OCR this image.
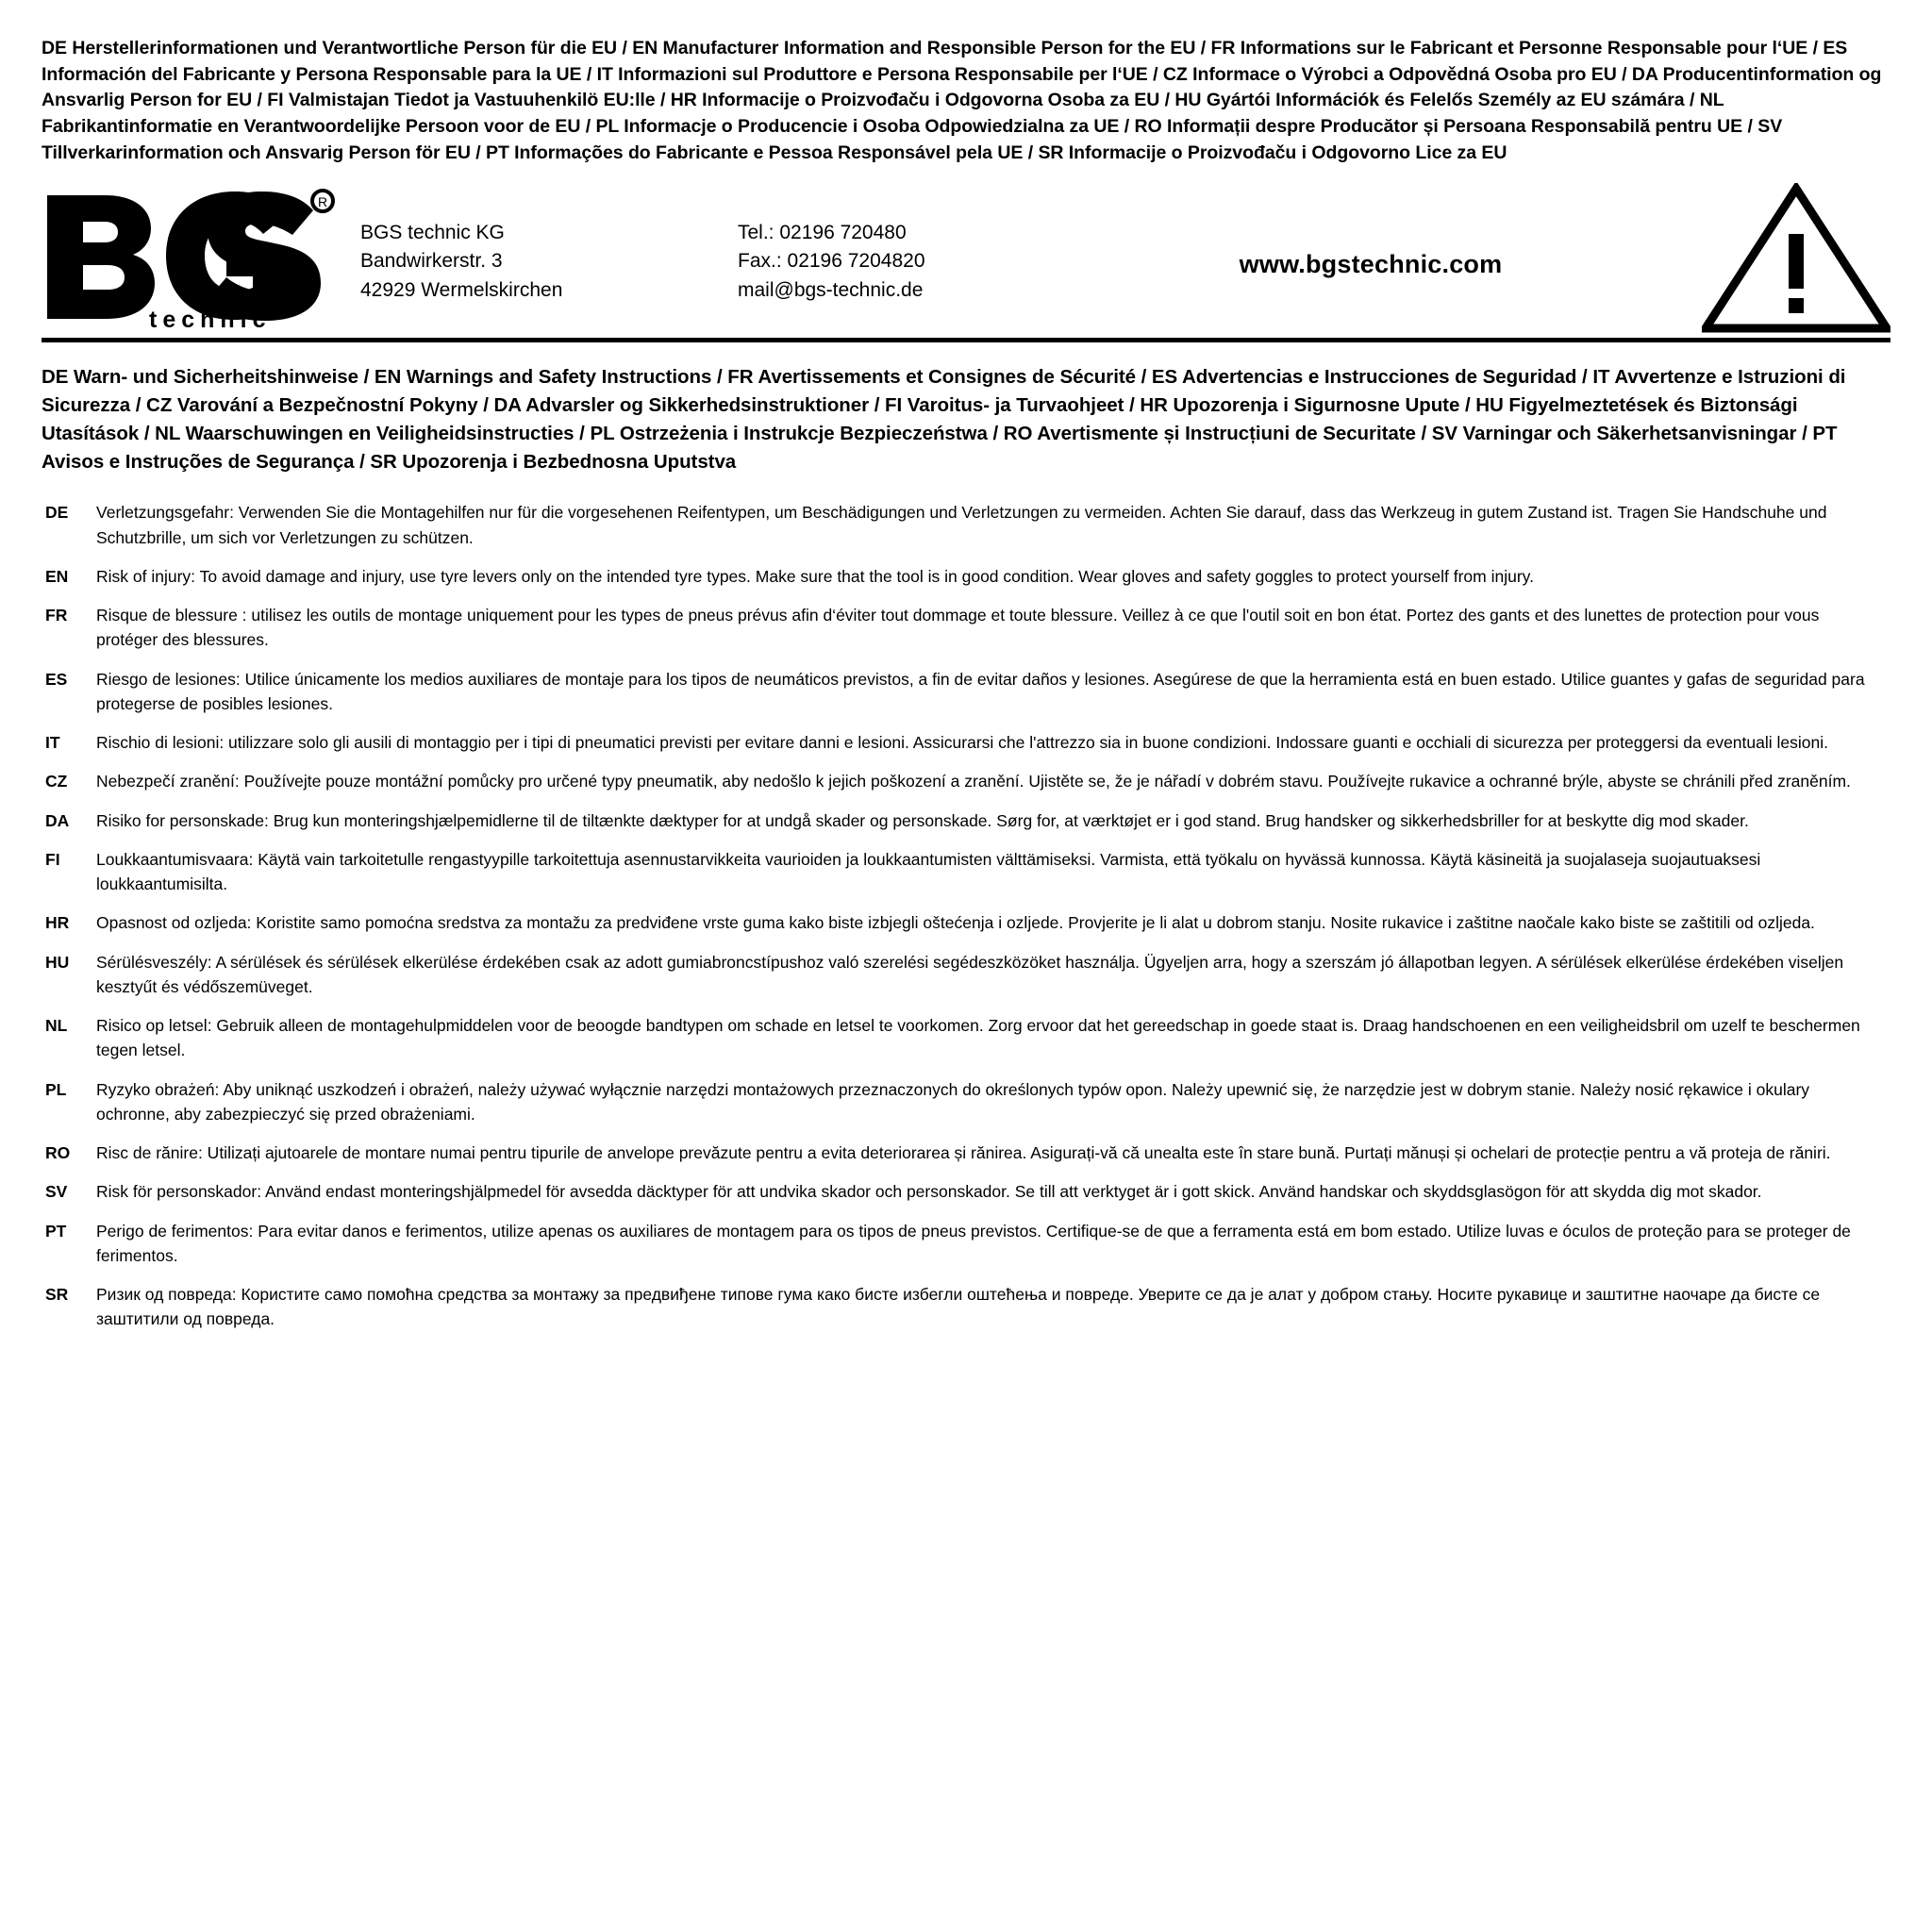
DE Herstellerinformationen und Verantwortliche Person für die EU / EN Manufacturer Information and Responsible Person for the EU / FR Informations sur le Fabricant et Personne Responsable pour l‘UE / ES Información del Fabricante y Persona Responsable para la UE / IT Informazioni sul Produttore e Persona Responsabile per l‘UE / CZ Informace o Výrobci a Odpovědná Osoba pro EU / DA Producentinformation og Ansvarlig Person for EU / FI Valmistajan Tiedot ja Vastuuhenkilö EU:lle / HR Informacije o Proizvođaču i Odgovorna Osoba za EU / HU Gyártói Információk és Felelős Személy az EU számára / NL Fabrikantinformatie en Verantwoordelijke Persoon voor de EU / PL Informacje o Producencie i Osoba Odpowiedzialna za UE / RO Informații despre Producător și Persoana Responsabilă pentru UE / SV Tillverkarinformation och Ansvarig Person för EU / PT Informações do Fabricante e Pessoa Responsável pela UE / SR Informacije o Proizvođaču i Odgovorno Lice za EU
R
technic
BGS technic KG
Bandwirkerstr. 3
42929 Wermelskirchen
Tel.: 02196 720480
Fax.: 02196 7204820
mail@bgs-technic.de
www.bgstechnic.com
DE Warn- und Sicherheitshinweise / EN Warnings and Safety Instructions / FR Avertissements et Consignes de Sécurité / ES Advertencias e Instrucciones de Seguridad / IT Avvertenze e Istruzioni di Sicurezza / CZ Varování a Bezpečnostní Pokyny / DA Advarsler og Sikkerhedsinstruktioner / FI Varoitus- ja Turvaohjeet / HR Upozorenja i Sigurnosne Upute / HU Figyelmeztetések és Biztonsági Utasítások / NL Waarschuwingen en Veiligheidsinstructies / PL Ostrzeżenia i Instrukcje Bezpieczeństwa / RO Avertismente și Instrucțiuni de Securitate / SV Varningar och Säkerhetsanvisningar / PT Avisos e Instruções de Segurança / SR Upozorenja i Bezbednosna Uputstva
DE	Verletzungsgefahr: Verwenden Sie die Montagehilfen nur für die vorgesehenen Reifentypen, um Beschädigungen und Verletzungen zu vermeiden. Achten Sie darauf, dass das Werkzeug in gutem Zustand ist. Tragen Sie Handschuhe und Schutzbrille, um sich vor Verletzungen zu schützen.
EN	Risk of injury: To avoid damage and injury, use tyre levers only on the intended tyre types. Make sure that the tool is in good condition. Wear gloves and safety goggles to protect yourself from injury.
FR	Risque de blessure : utilisez les outils de montage uniquement pour les types de pneus prévus afin d‘éviter tout dommage et toute blessure. Veillez à ce que l'outil soit en bon état. Portez des gants et des lunettes de protection pour vous protéger des blessures.
ES	Riesgo de lesiones: Utilice únicamente los medios auxiliares de montaje para los tipos de neumáticos previstos, a fin de evitar daños y lesiones. Asegúrese de que la herramienta está en buen estado. Utilice guantes y gafas de seguridad para protegerse de posibles lesiones.
IT	Rischio di lesioni: utilizzare solo gli ausili di montaggio per i tipi di pneumatici previsti per evitare danni e lesioni. Assicurarsi che l'attrezzo sia in buone condizioni. Indossare guanti e occhiali di sicurezza per proteggersi da eventuali lesioni.
CZ	Nebezpečí zranění: Používejte pouze montážní pomůcky pro určené typy pneumatik, aby nedošlo k jejich poškození a zranění. Ujistěte se, že je nářadí v dobrém stavu. Používejte rukavice a ochranné brýle, abyste se chránili před zraněním.
DA	Risiko for personskade: Brug kun monteringshjælpemidlerne til de tiltænkte dæktyper for at undgå skader og personskade. Sørg for, at værktøjet er i god stand. Brug handsker og sikkerhedsbriller for at beskytte dig mod skader.
FI	Loukkaantumisvaara: Käytä vain tarkoitetulle rengastyypille tarkoitettuja asennustarvikkeita vaurioiden ja loukkaantumisten välttämiseksi. Varmista, että työkalu on hyvässä kunnossa. Käytä käsineitä ja suojalaseja suojautuaksesi loukkaantumisilta.
HR	Opasnost od ozljeda: Koristite samo pomoćna sredstva za montažu za predviđene vrste guma kako biste izbjegli oštećenja i ozljede. Provjerite je li alat u dobrom stanju. Nosite rukavice i zaštitne naočale kako biste se zaštitili od ozljeda.
HU	Sérülésveszély: A sérülések és sérülések elkerülése érdekében csak az adott gumiabroncstípushoz való szerelési segédeszközöket használja. Ügyeljen arra, hogy a szerszám jó állapotban legyen. A sérülések elkerülése érdekében viseljen kesztyűt és védőszemüveget.
NL	Risico op letsel: Gebruik alleen de montagehulpmiddelen voor de beoogde bandtypen om schade en letsel te voorkomen. Zorg ervoor dat het gereedschap in goede staat is. Draag handschoenen en een veiligheidsbril om uzelf te beschermen tegen letsel.
PL	Ryzyko obrażeń: Aby uniknąć uszkodzeń i obrażeń, należy używać wyłącznie narzędzi montażowych przeznaczonych do określonych typów opon. Należy upewnić się, że narzędzie jest w dobrym stanie. Należy nosić rękawice i okulary ochronne, aby zabezpieczyć się przed obrażeniami.
RO	Risc de rănire: Utilizați ajutoarele de montare numai pentru tipurile de anvelope prevăzute pentru a evita deteriorarea și rănirea. Asigurați-vă că unealta este în stare bună. Purtați mănuși și ochelari de protecție pentru a vă proteja de răniri.
SV	Risk för personskador: Använd endast monteringshjälpmedel för avsedda däcktyper för att undvika skador och personskador. Se till att verktyget är i gott skick. Använd handskar och skyddsglasögon för att skydda dig mot skador.
PT	Perigo de ferimentos: Para evitar danos e ferimentos, utilize apenas os auxiliares de montagem para os tipos de pneus previstos. Certifique-se de que a ferramenta está em bom estado. Utilize luvas e óculos de proteção para se proteger de ferimentos.
SR	Ризик од повреда: Користите само помоћна средства за монтажу за предвиђене типове гума како бисте избегли оштећења и повреде. Уверите се да је алат у добром стању. Носите рукавице и заштитне наочаре да бисте се заштитили од повреда.
